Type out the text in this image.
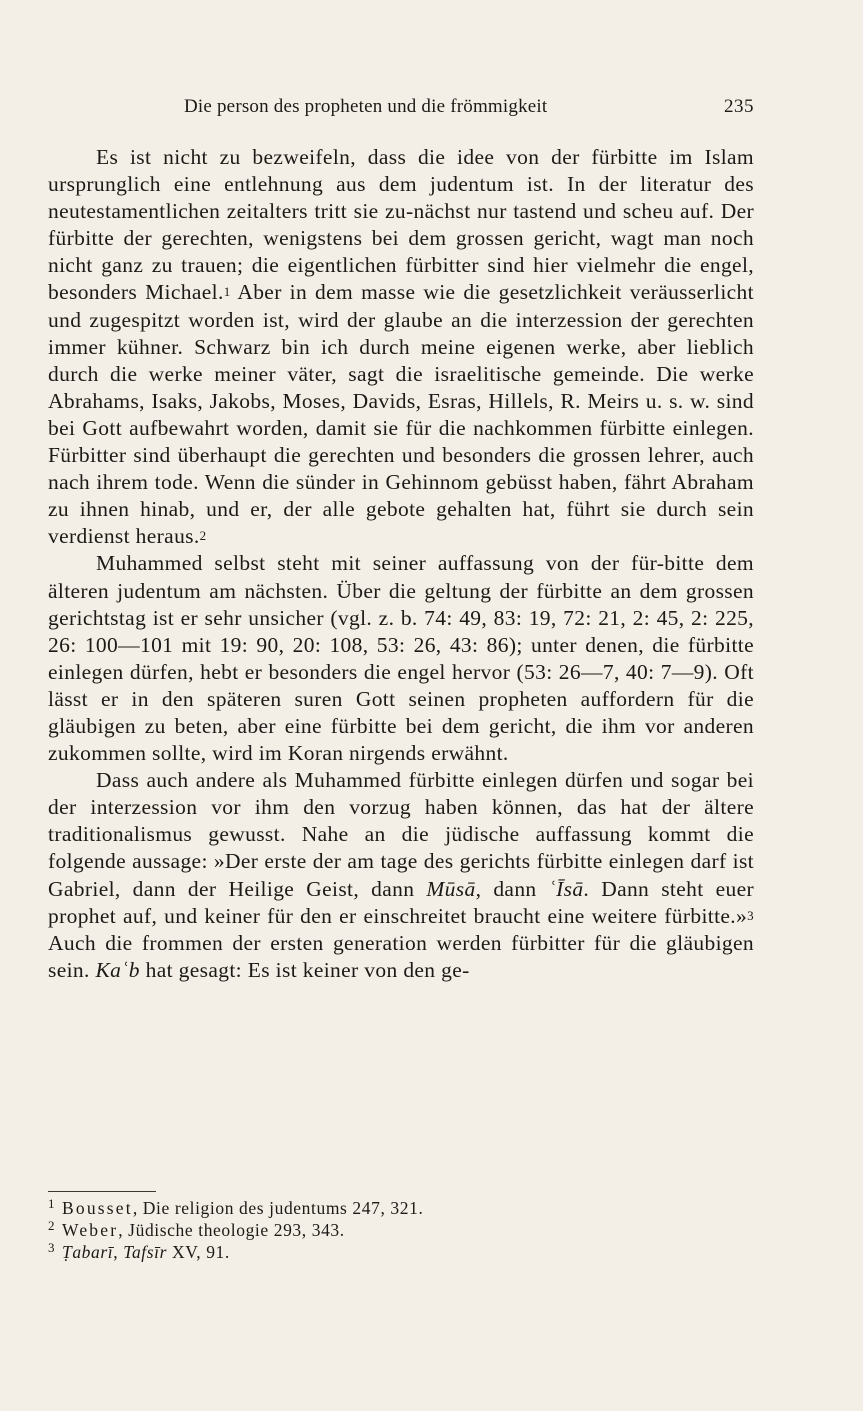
Die person des propheten und die frömmigkeit	235

Es ist nicht zu bezweifeln, dass die idee von der fürbitte im Islam ursprunglich eine entlehnung aus dem judentum ist. In der literatur des neutestamentlichen zeitalters tritt sie zu-nächst nur tastend und scheu auf. Der fürbitte der gerechten, wenigstens bei dem grossen gericht, wagt man noch nicht ganz zu trauen; die eigentlichen fürbitter sind hier vielmehr die engel, besonders Michael.$^1$ Aber in dem masse wie die gesetzlichkeit veräusserlicht und zugespitzt worden ist, wird der glaube an die interzession der gerechten immer kühner. Schwarz bin ich durch meine eigenen werke, aber lieblich durch die werke meiner väter, sagt die israelitische gemeinde. Die werke Abrahams, Isaks, Jakobs, Moses, Davids, Esras, Hillels, R. Meirs u. s. w. sind bei Gott aufbewahrt worden, damit sie für die nachkommen fürbitte einlegen. Fürbitter sind überhaupt die gerechten und besonders die grossen lehrer, auch nach ihrem tode. Wenn die sünder in Gehinnom gebüsst haben, fährt Abraham zu ihnen hinab, und er, der alle gebote gehalten hat, führt sie durch sein verdienst heraus.$^2$

Muhammed selbst steht mit seiner auffassung von der für-bitte dem älteren judentum am nächsten. Über die geltung der fürbitte an dem grossen gerichtstag ist er sehr unsicher (vgl. z. b. 74: 49, 83: 19, 72: 21, 2: 45, 2: 225, 26: 100—101 mit 19: 90, 20: 108, 53: 26, 43: 86); unter denen, die fürbitte einlegen dürfen, hebt er besonders die engel hervor (53: 26—7, 40: 7—9). Oft lässt er in den späteren suren Gott seinen propheten auffordern für die gläubigen zu beten, aber eine fürbitte bei dem gericht, die ihm vor anderen zukommen sollte, wird im Koran nirgends erwähnt.

Dass auch andere als Muhammed fürbitte einlegen dürfen und sogar bei der interzession vor ihm den vorzug haben können, das hat der ältere traditionalismus gewusst. Nahe an die jüdische auffassung kommt die folgende aussage: »Der erste der am tage des gerichts fürbitte einlegen darf ist Gabriel, dann der Heilige Geist, dann Mūsā, dann ʿĪsā. Dann steht euer prophet auf, und keiner für den er einschreitet braucht eine weitere fürbitte.»$^3$ Auch die frommen der ersten generation werden fürbitter für die gläubigen sein. Kaʿb hat gesagt: Es ist keiner von den ge-

1 Bousset, Die religion des judentums 247, 321.
2 Weber, Jüdische theologie 293, 343.
3 Ṭabarī, Tafsīr XV, 91.
